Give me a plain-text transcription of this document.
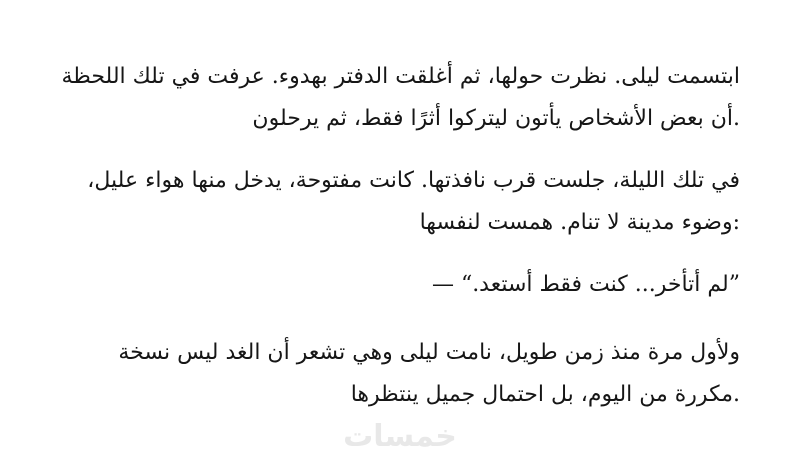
ابتسمت ليلى. نظرت حولها، ثم أغلقت الدفتر بهدوء. عرفت في تلك اللحظة
.أن بعض الأشخاص يأتون ليتركوا أثرًا فقط، ثم يرحلون
في تلك الليلة، جلست قرب نافذتها. كانت مفتوحة، يدخل منها هواء عليل،
:وضوء مدينة لا تنام. همست لنفسها
”لم أتأخر... كنت فقط أستعد.“ —
ولأول مرة منذ زمن طويل، نامت ليلى وهي تشعر أن الغد ليس نسخة
.مكررة من اليوم، بل احتمال جميل ينتظرها
خمسات
